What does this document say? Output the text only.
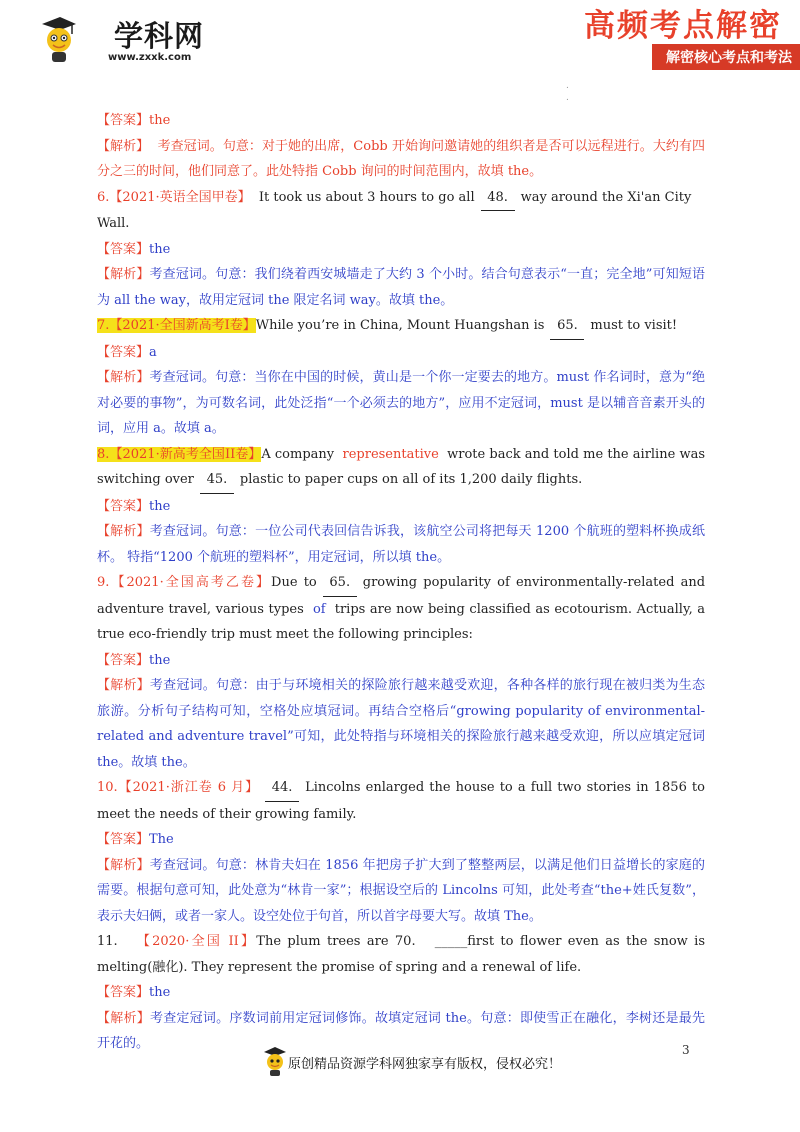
学科网
www.zxxk.com
高频考点解密
解密核心考点和考法
.
.

【答案】the

【解析】 考查冠词。句意：对于她的出席，Cobb 开始询问邀请她的组织者是否可以远程进行。大约有四分之三的时间，他们同意了。此处特指 Cobb 询问的时间范围内，故填 the。

6.【2021·英语全国甲卷】 It took us about 3 hours to go all 48. way around the Xi'an City Wall.

【答案】the

【解析】考查冠词。句意：我们绕着西安城墙走了大约 3 个小时。结合句意表示“一直；完全地”可知短语为 all the way，故用定冠词 the 限定名词 way。故填 the。

7.【2021·全国新高考I卷】While you’re in China, Mount Huangshan is 65. must to visit!

【答案】a

【解析】考查冠词。句意：当你在中国的时候，黄山是一个你一定要去的地方。must 作名词时，意为“绝对必要的事物”，为可数名词，此处泛指“一个必须去的地方”，应用不定冠词，must 是以辅音音素开头的词，应用 a。故填 a。

8.【2021·新高考全国II卷】A company representative wrote back and told me the airline was switching over 45. plastic to paper cups on all of its 1,200 daily flights.

【答案】the

【解析】考查冠词。句意：一位公司代表回信告诉我，该航空公司将把每天 1200 个航班的塑料杯换成纸杯。 特指“1200 个航班的塑料杯”，用定冠词，所以填 the。

9.【2021·全国高考乙卷】Due to 65. growing popularity of environmentally-related and adventure travel, various types of trips are now being classified as ecotourism. Actually, a true eco-friendly trip must meet the following principles:

【答案】the

【解析】考查冠词。句意：由于与环境相关的探险旅行越来越受欢迎，各种各样的旅行现在被归类为生态旅游。分析句子结构可知，空格处应填冠词。再结合空格后“growing popularity of environmental-related and adventure travel”可知，此处特指与环境相关的探险旅行越来越受欢迎，所以应填定冠词 the。故填 the。

10.【2021·浙江卷 6 月】 44. Lincolns enlarged the house to a full two stories in 1856 to meet the needs of their growing family.

【答案】The

【解析】考查冠词。句意：林肯夫妇在 1856 年把房子扩大到了整整两层，以满足他们日益增长的家庭的需要。根据句意可知，此处意为“林肯一家”；根据设空后的 Lincolns 可知，此处考查“the+姓氏复数”，表示夫妇俩，或者一家人。设空处位于句首，所以首字母要大写。故填 The。

11. 【2020·全国 II】The plum trees are 70. _____first to flower even as the snow is melting(融化). They represent the promise of spring and a renewal of life.

【答案】the

【解析】考查定冠词。序数词前用定冠词修饰。故填定冠词 the。句意：即使雪正在融化，李树还是最先开花的。	3
原创精品资源学科网独家享有版权，侵权必究！
